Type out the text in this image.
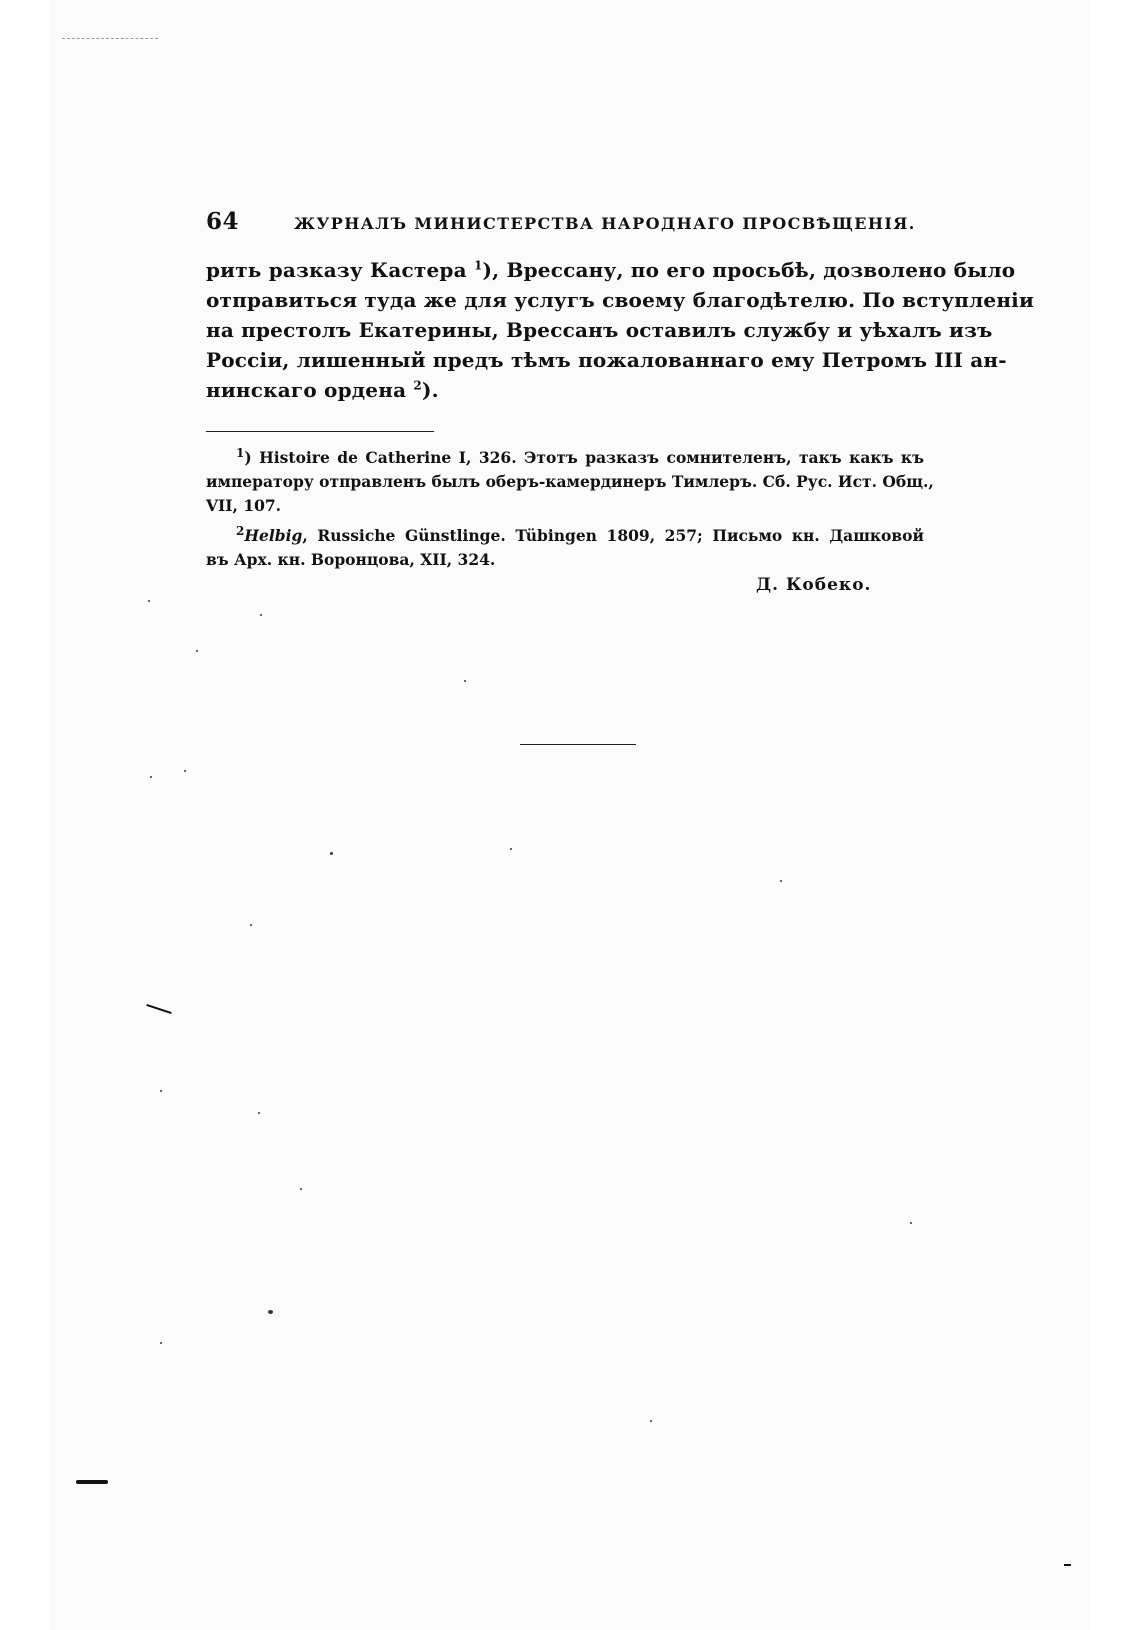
64	ЖУРНАЛЪ МИНИСТЕРСТВА НАРОДНАГО ПРОСВѢЩЕНІЯ.
рить разказу Кастера $^1$), Врессану, по его просьбѣ, дозволено было
отправиться туда же для услугъ своему благодѣтелю. По вступленіи
на престолъ Екатерины, Врессанъ оставилъ службу и уѣхалъ изъ
Россіи, лишенный предъ тѣмъ пожалованнаго ему Петромъ III ан-
нинскаго ордена $^2$).
$^1$) Histoire de Catherine I, 326. Этотъ разказъ сомнителенъ, такъ какъ къ
императору отправленъ былъ оберъ-камердинеръ Тимлеръ. Сб. Рус. Ист. Общ.,
VII, 107.
$^2$Helbig, Russiche Günstlinge. Tübingen 1809, 257; Письмо кн. Дашковой
въ Арх. кн. Воронцова, XII, 324.
Д. Кобеко.
